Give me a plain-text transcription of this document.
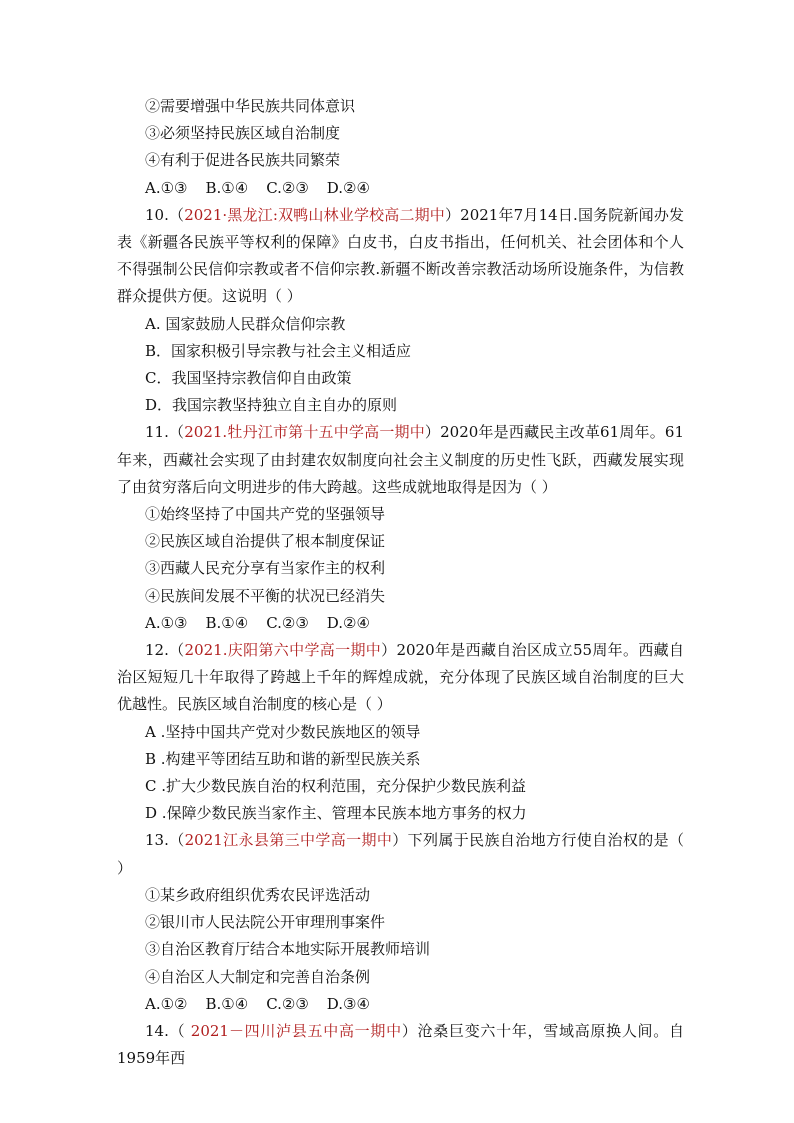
②需要增强中华民族共同体意识
③必须坚持民族区域自治制度
④有利于促进各民族共同繁荣
A.①③ B.①④ C.②③ D.②④
10.（2021·黑龙江:双鸭山林业学校高二期中）2021年7月14日.国务院新闻办发表《新疆各民族平等权利的保障》白皮书，白皮书指出，任何机关、社会团体和个人不得强制公民信仰宗教或者不信仰宗教.新疆不断改善宗教活动场所设施条件，为信教群众提供方便。这说明（ ）
A. 国家鼓励人民群众信仰宗教
B．国家积极引导宗教与社会主义相适应
C．我国坚持宗教信仰自由政策
D．我国宗教坚持独立自主自办的原则
11.（2021.牡丹江市第十五中学高一期中）2020年是西藏民主改革61周年。61年来，西藏社会实现了由封建农奴制度向社会主义制度的历史性飞跃，西藏发展实现了由贫穷落后向文明进步的伟大跨越。这些成就地取得是因为（ ）
①始终坚持了中国共产党的坚强领导
②民族区域自治提供了根本制度保证
③西藏人民充分享有当家作主的权利
④民族间发展不平衡的状况已经消失
A.①③ B.①④ C.②③ D.②④
12.（2021.庆阳第六中学高一期中）2020年是西藏自治区成立55周年。西藏自治区短短几十年取得了跨越上千年的辉煌成就，充分体现了民族区域自治制度的巨大优越性。民族区域自治制度的核心是（ ）
A .坚持中国共产党对少数民族地区的领导
B .构建平等团结互助和谐的新型民族关系
C .扩大少数民族自治的权利范围，充分保护少数民族利益
D .保障少数民族当家作主、管理本民族本地方事务的权力
13.（2021江永县第三中学高一期中）下列属于民族自治地方行使自治权的是（ ）
①某乡政府组织优秀农民评选活动
②银川市人民法院公开审理刑事案件
③自治区教育厅结合本地实际开展教师培训
④自治区人大制定和完善自治条例
A.①② B.①④ C.②③ D.③④
14.（ 2021－四川泸县五中高一期中）沧桑巨变六十年，雪域高原换人间。自1959年西
